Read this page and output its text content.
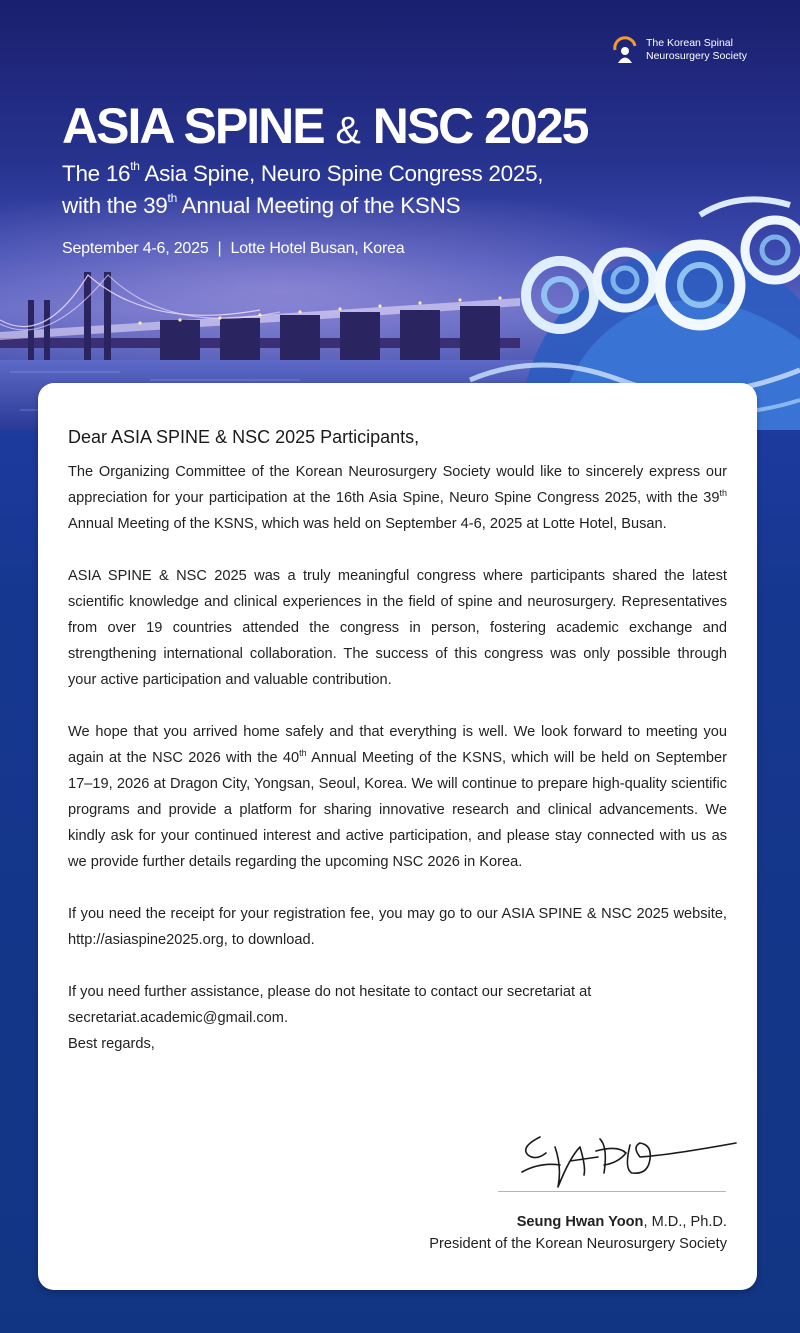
The Korean Spinal
Neurosurgery Society
ASIA SPINE & NSC 2025
The 16th Asia Spine, Neuro Spine Congress 2025,
with the 39th Annual Meeting of the KSNS
September 4-6, 2025 | Lotte Hotel Busan, Korea
Dear ASIA SPINE & NSC 2025 Participants,

The Organizing Committee of the Korean Neurosurgery Society would like to sincerely express our appreciation for your participation at the 16th Asia Spine, Neuro Spine Congress 2025, with the 39th Annual Meeting of the KSNS, which was held on September 4-6, 2025 at Lotte Hotel, Busan.

ASIA SPINE & NSC 2025 was a truly meaningful congress where participants shared the latest scientific knowledge and clinical experiences in the field of spine and neurosurgery. Representatives from over 19 countries attended the congress in person, fostering academic exchange and strengthening international collaboration. The success of this congress was only possible through your active participation and valuable contribution.

We hope that you arrived home safely and that everything is well. We look forward to meeting you again at the NSC 2026 with the 40th Annual Meeting of the KSNS, which will be held on September 17–19, 2026 at Dragon City, Yongsan, Seoul, Korea. We will continue to prepare high-quality scientific programs and provide a platform for sharing innovative research and clinical advancements. We kindly ask for your continued interest and active participation, and please stay connected with us as we provide further details regarding the upcoming NSC 2026 in Korea.

If you need the receipt for your registration fee, you may go to our ASIA SPINE & NSC 2025 website, http://asiaspine2025.org, to download.

If you need further assistance, please do not hesitate to contact our secretariat at
secretariat.academic@gmail.com.
Best regards,

Seung Hwan Yoon, M.D., Ph.D.
President of the Korean Neurosurgery Society
